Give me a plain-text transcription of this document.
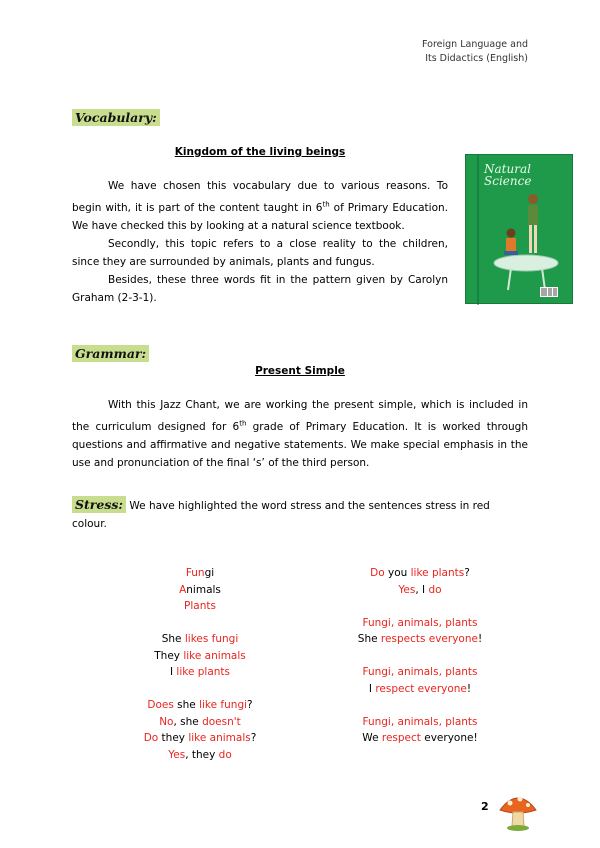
Foreign Language and
Its Didactics (English)
Vocabulary:
Kingdom of the living beings

We have chosen this vocabulary due to various reasons. To begin with, it is part of the content taught in 6th of Primary Education. We have checked this by looking at a natural science textbook.

Secondly, this topic refers to a close reality to the children, since they are surrounded by animals, plants and fungus.

Besides, these three words fit in the pattern given by Carolyn Graham (2-3-1).

Natural
Science
Grammar:
Present Simple

With this Jazz Chant, we are working the present simple, which is included in the curriculum designed for 6th grade of Primary Education. It is worked through questions and affirmative and negative statements. We make special emphasis in the use and pronunciation of the final ‘s’ of the third person.

Stress: We have highlighted the word stress and the sentences stress in red colour.
Fungi
Animals
Plants
She likes fungi
They like animals
I like plants
Does she like fungi?
No, she doesn't
Do they like animals?
Yes, they do
Do you like plants?
Yes, I do
Fungi, animals, plants
She respects everyone!
Fungi, animals, plants
I respect everyone!
Fungi, animals, plants
We respect everyone!
2
